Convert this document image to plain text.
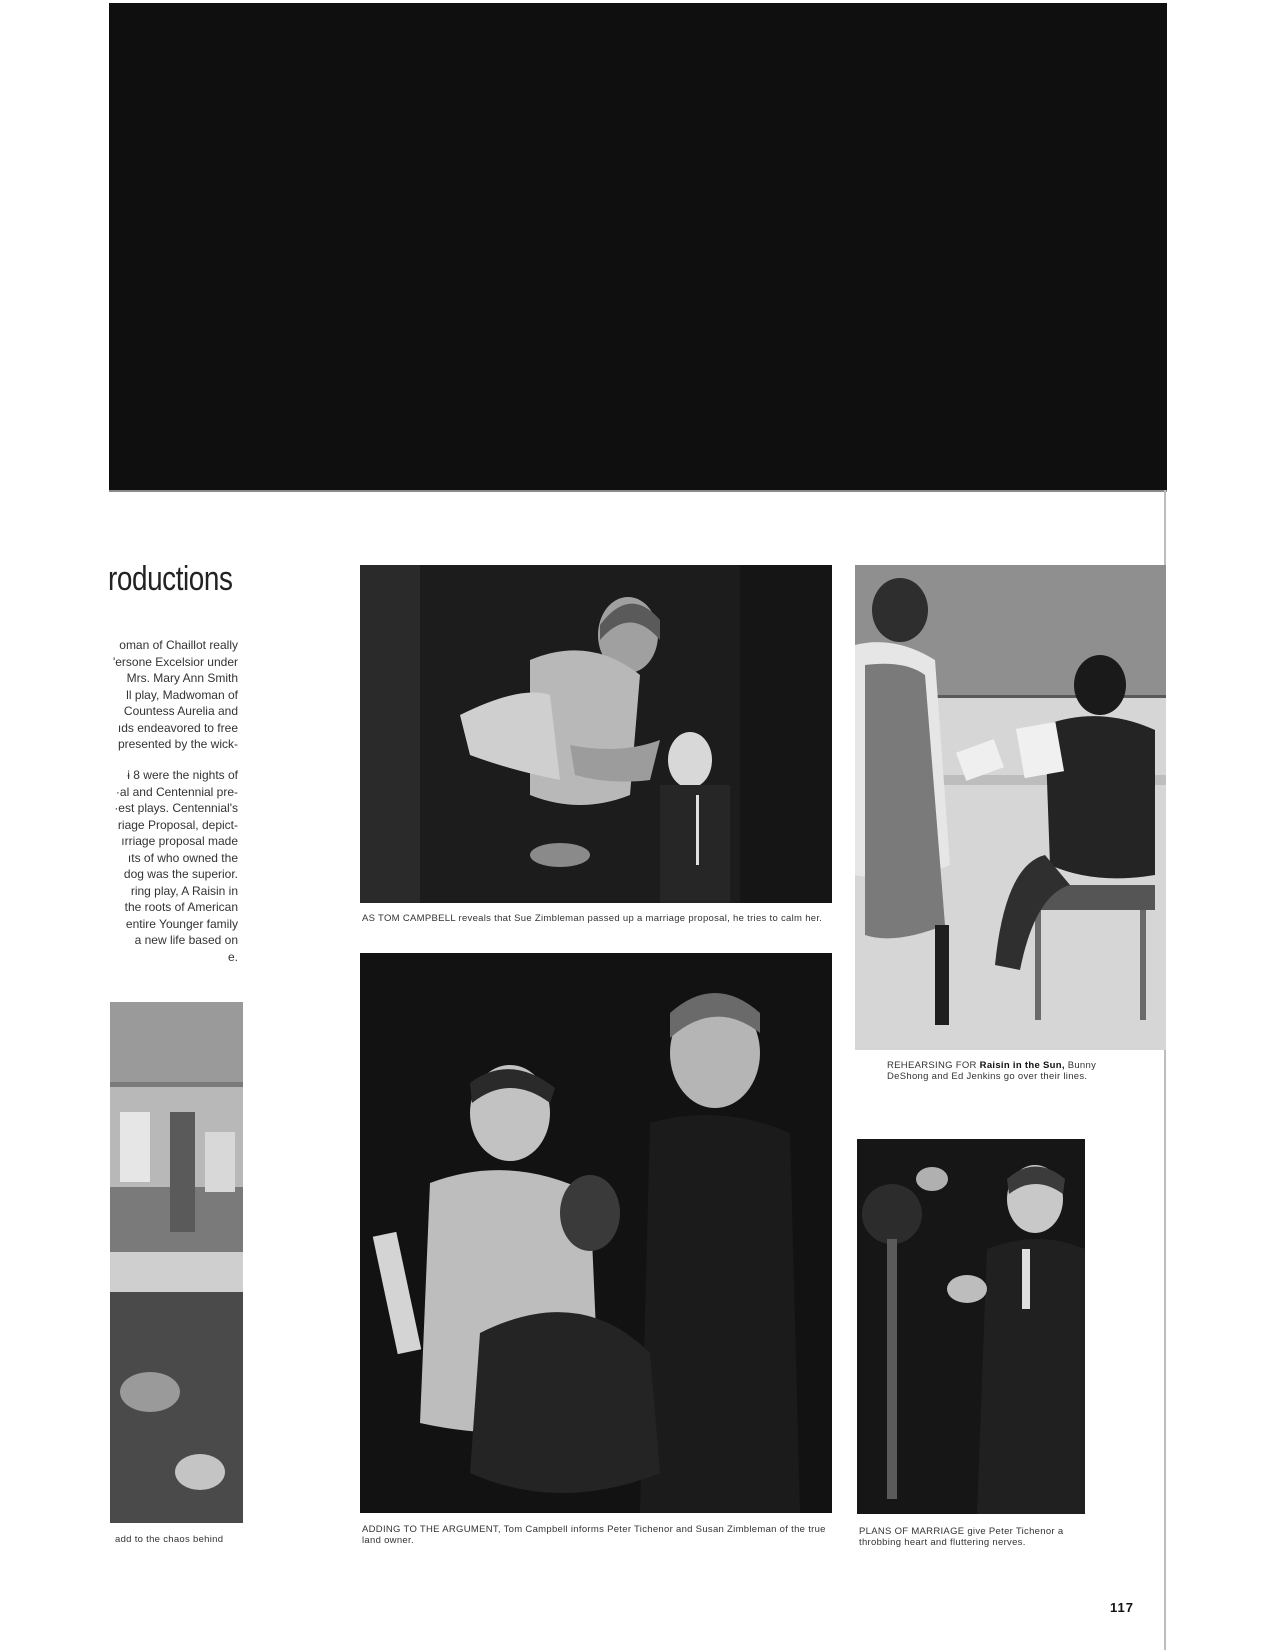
roductions

oman of Chaillot really

'ersone Excelsior under

Mrs. Mary Ann Smith

ll play, Madwoman of

Countess Aurelia and

ıds endeavored to free

presented by the wick-

ɨ 8 were the nights of

·al and Centennial pre-

·est plays. Centennial's

riage Proposal, depict-

ırriage proposal made

ıts of who owned the

dog was the superior.

ring play, A Raisin in

the roots of American

entire Younger family

a new life based on

e.

AS TOM CAMPBELL reveals that Sue Zimbleman passed up a marriage proposal, he tries to calm her.
REHEARSING FOR Raisin in the Sun, Bunny DeShong and Ed Jenkins go over their lines.
ADDING TO THE ARGUMENT, Tom Campbell informs Peter Tichenor and Susan Zimbleman of the true land owner.
PLANS OF MARRIAGE give Peter Tichenor a throbbing heart and fluttering nerves.
add to the chaos behind
117
